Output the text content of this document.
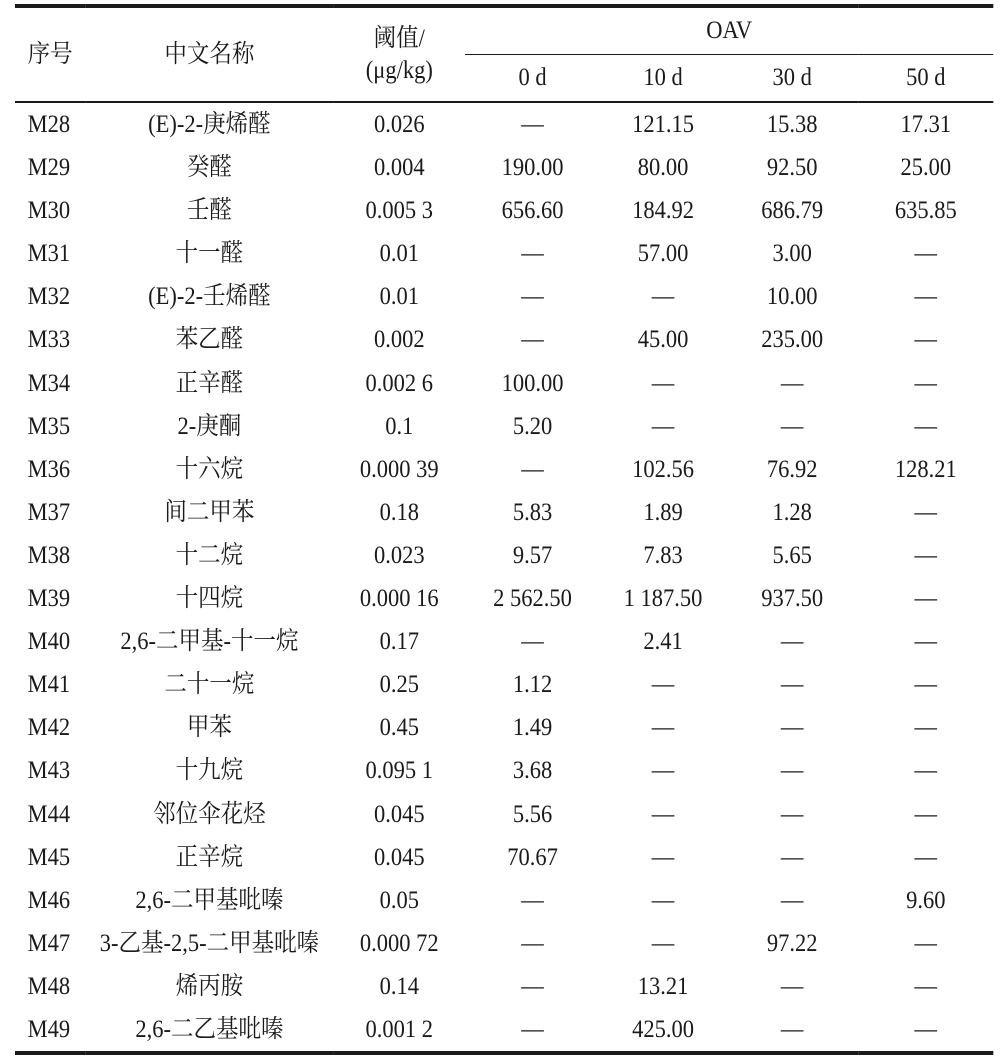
序号	中文名称	阈值/
(μg/kg)	OAV			
			0 d	10 d	30 d	50 d
M28	(E)-2-庚烯醛	0.026	—	121.15	15.38	17.31
M29	癸醛	0.004	190.00	80.00	92.50	25.00
M30	壬醛	0.005 3	656.60	184.92	686.79	635.85
M31	十一醛	0.01	—	57.00	3.00	—
M32	(E)-2-壬烯醛	0.01	—	—	10.00	—
M33	苯乙醛	0.002	—	45.00	235.00	—
M34	正辛醛	0.002 6	100.00	—	—	—
M35	2-庚酮	0.1	5.20	—	—	—
M36	十六烷	0.000 39	—	102.56	76.92	128.21
M37	间二甲苯	0.18	5.83	1.89	1.28	—
M38	十二烷	0.023	9.57	7.83	5.65	—
M39	十四烷	0.000 16	2 562.50	1 187.50	937.50	—
M40	2,6-二甲基-十一烷	0.17	—	2.41	—	—
M41	二十一烷	0.25	1.12	—	—	—
M42	甲苯	0.45	1.49	—	—	—
M43	十九烷	0.095 1	3.68	—	—	—
M44	邻位伞花烃	0.045	5.56	—	—	—
M45	正辛烷	0.045	70.67	—	—	—
M46	2,6-二甲基吡嗪	0.05	—	—	—	9.60
M47	3-乙基-2,5-二甲基吡嗪	0.000 72	—	—	97.22	—
M48	烯丙胺	0.14	—	13.21	—	—
M49	2,6-二乙基吡嗪	0.001 2	—	425.00	—	—
